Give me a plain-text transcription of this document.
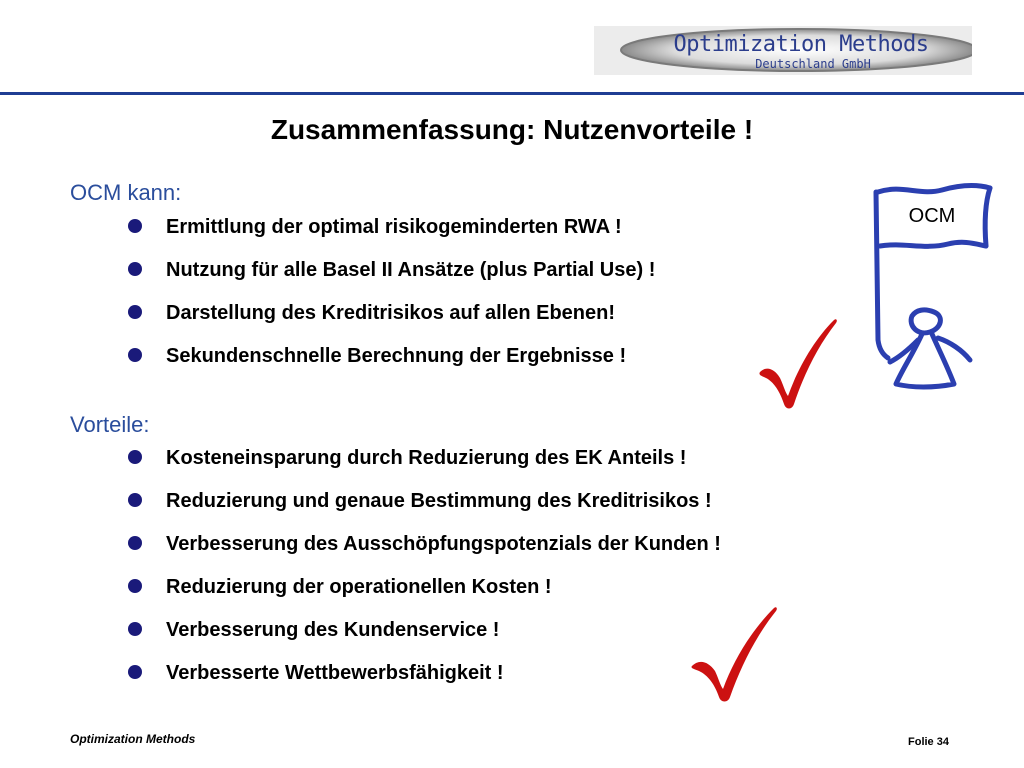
Optimization Methods
Deutschland GmbH
Zusammenfassung: Nutzenvorteile !
OCM kann:
Ermittlung der optimal risikogeminderten RWA !
Nutzung für alle Basel II Ansätze (plus Partial Use) !
Darstellung des Kreditrisikos auf allen Ebenen!
Sekundenschnelle Berechnung der Ergebnisse !
Vorteile:
Kosteneinsparung durch Reduzierung des EK Anteils !
Reduzierung und genaue Bestimmung des Kreditrisikos !
Verbesserung des Ausschöpfungspotenzials der Kunden !
Reduzierung der operationellen Kosten !
Verbesserung des Kundenservice !
Verbesserte Wettbewerbsfähigkeit !
OCM
Optimization Methods	Folie 34
